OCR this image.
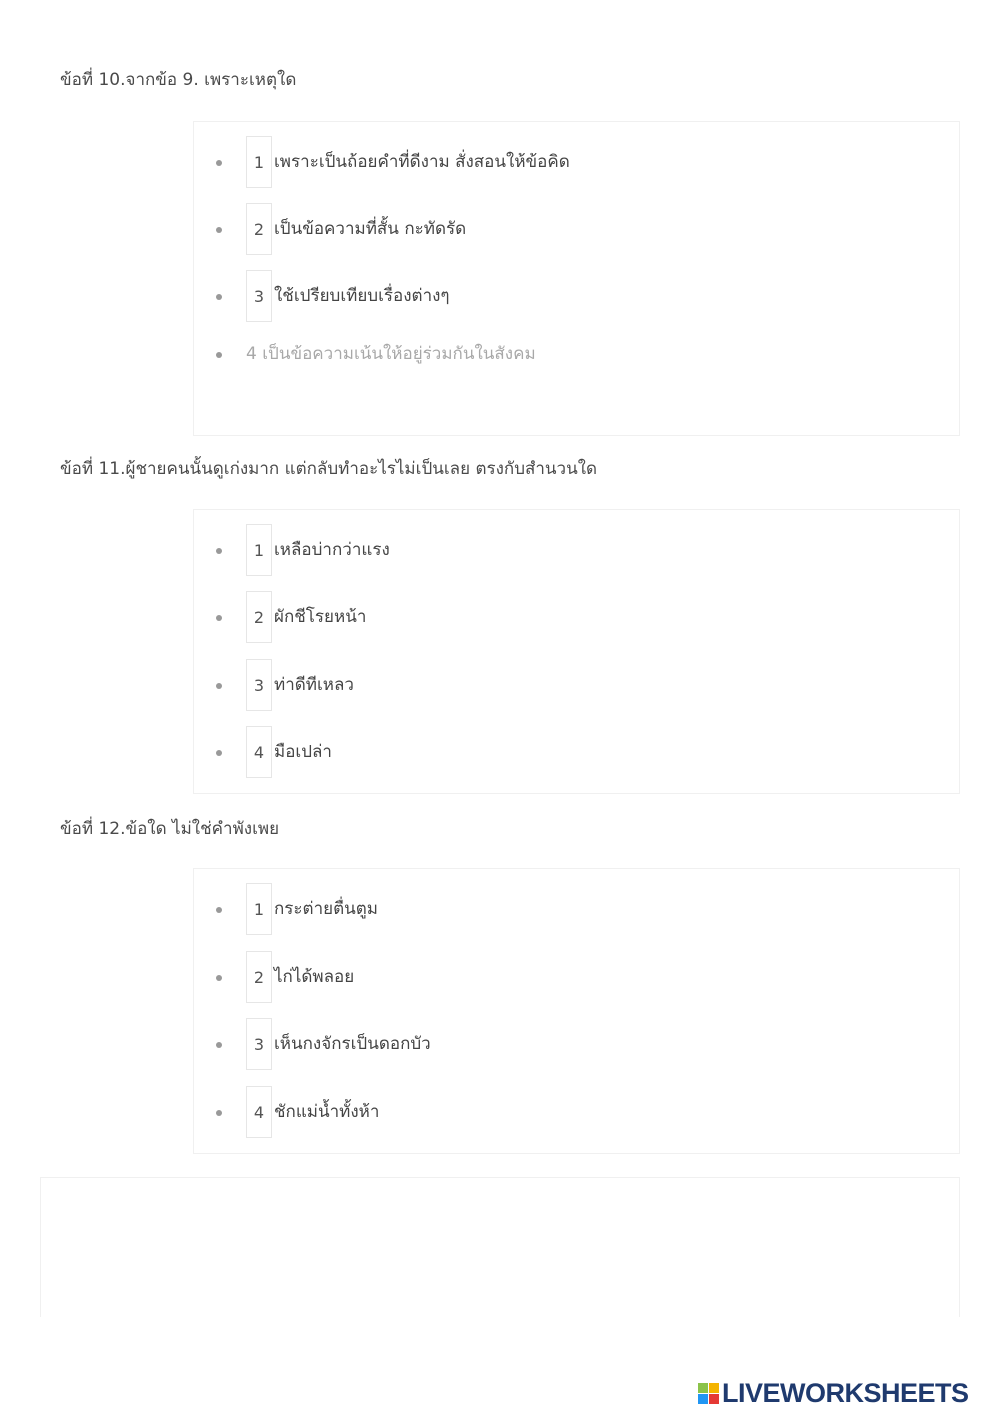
ข้อที่ 10.จากข้อ 9. เพราะเหตุใด
1 เพราะเป็นถ้อยคำที่ดีงาม สั่งสอนให้ข้อคิด
2 เป็นข้อความที่สั้น กะทัดรัด
3 ใช้เปรียบเทียบเรื่องต่างๆ
4 เป็นข้อความเน้นให้อยู่ร่วมกันในสังคม
ข้อที่ 11.ผู้ชายคนนั้นดูเก่งมาก แต่กลับทำอะไรไม่เป็นเลย ตรงกับสำนวนใด
1 เหลือบ่ากว่าแรง
2 ผักชีโรยหน้า
3 ท่าดีทีเหลว
4 มือเปล่า
ข้อที่ 12.ข้อใด ไม่ใช่คำพังเพย
1 กระต่ายตื่นตูม
2 ไก่ได้พลอย
3 เห็นกงจักรเป็นดอกบัว
4 ชักแม่น้ำทั้งห้า
LIVEWORKSHEETS
